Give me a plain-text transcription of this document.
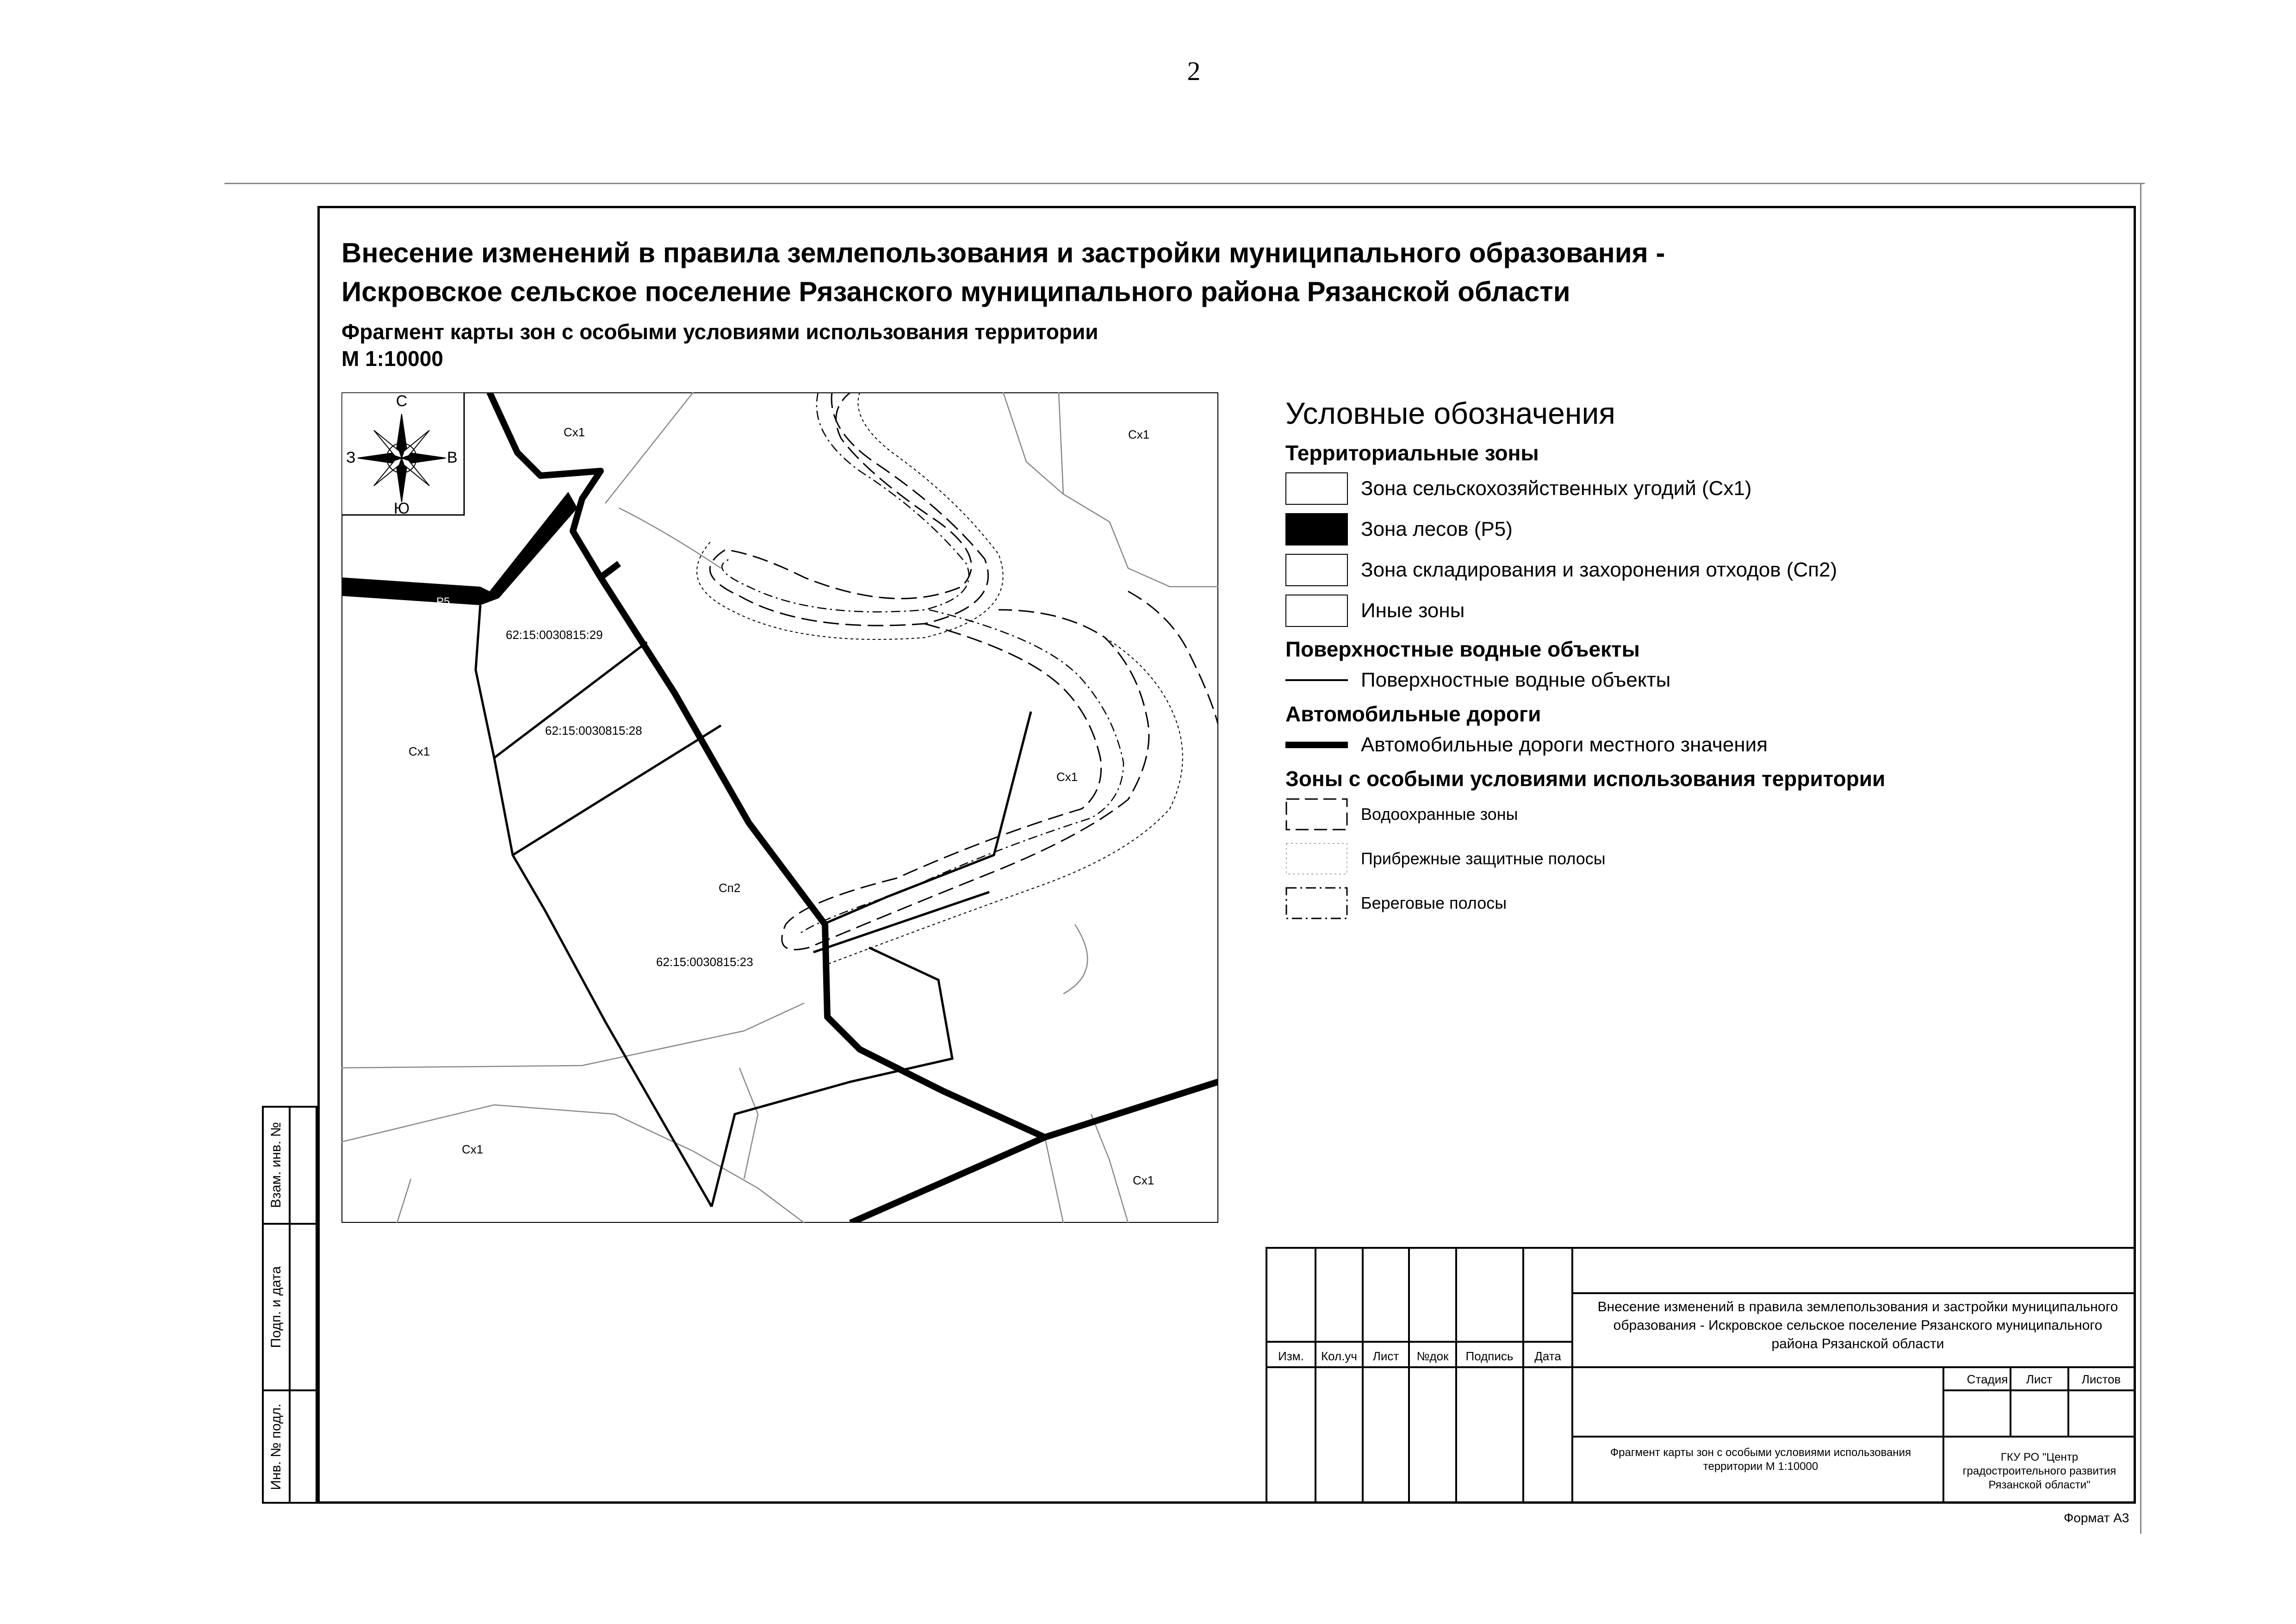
2
Внесение изменений в правила землепользования и застройки муниципального образования -
Искровское сельское поселение Рязанского муниципального района Рязанской области
Фрагмент карты зон с особыми условиями использования территории
М 1:10000
С
Ю
З	В
Сх1	Сх1
Сх1
Сх1
Сх1
Сх1
Сп2
62:15:0030815:29
62:15:0030815:28
62:15:0030815:23
Р5
Условные обозначения
Территориальные зоны
Зона сельскохозяйственных угодий (Сх1)
Зона лесов (Р5)
Зона складирования и захоронения отходов (Сп2)
Иные зоны
Поверхностные водные объекты
Поверхностные водные объекты
Автомобильные дороги
Автомобильные дороги местного значения
Зоны с особыми условиями использования территории
Водоохранные зоны
Прибрежные защитные полосы
Береговые полосы
Изм. Кол.уч Лист №док Подпись Дата
Стадия Лист Листов
Внесение изменений в правила землепользования и застройки муниципального образования - Искровское сельское поселение Рязанского муниципального района Рязанской области
Фрагмент карты зон с особыми условиями использования территории М 1:10000
ГКУ РО "Центр градостроительного развития Рязанской области"
Взам. инв. №
Подп. и дата
Инв. № подл.
Формат А3
